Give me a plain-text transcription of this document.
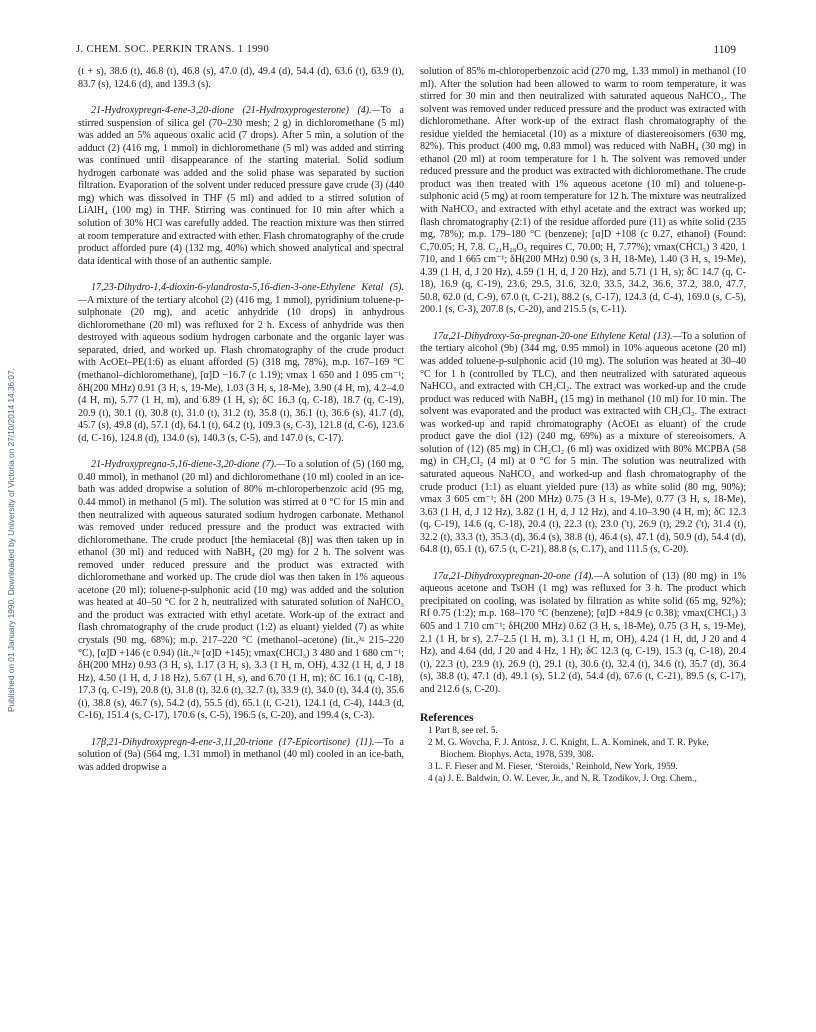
J. CHEM. SOC. PERKIN TRANS. 1 1990	1109
Published on 01 January 1990. Downloaded by University of Victoria on 27/10/2014 14:36:07.

(t + s), 38.6 (t), 46.8 (t), 46.8 (s), 47.0 (d), 49.4 (d), 54.4 (d), 63.6 (t), 63.9 (t), 83.7 (s), 124.6 (d), and 139.3 (s).

21-Hydroxypregn-4-ene-3,20-dione (21-Hydroxyprogesterone) (4).—To a stirred suspension of silica gel (70–230 mesh; 2 g) in dichloromethane (5 ml) was added an 5% aqueous oxalic acid (7 drops). After 5 min, a solution of the adduct (2) (416 mg, 1 mmol) in dichloromethane (5 ml) was added and stirring was continued until disappearance of the starting material. Solid sodium hydrogen carbonate was added and the solid phase was separated by suction filtration. Evaporation of the solvent under reduced pressure gave crude (3) (440 mg) which was dissolved in THF (5 ml) and added to a stirred solution of LiAlH₄ (100 mg) in THF. Stirring was continued for 10 min after which a solution of 30% HCl was carefully added. The reaction mixture was then stirred at room temperature and extracted with ether. Flash chromatography of the crude product afforded pure (4) (132 mg, 40%) which showed analytical and spectral data identical with those of an authentic sample.

17,23-Dihydro-1,4-dioxin-6-ylandrosta-5,16-dien-3-one-Ethylene Ketal (5).—A mixture of the tertiary alcohol (2) (416 mg, 1 mmol), pyridinium toluene-p-sulphonate (20 mg), and acetic anhydride (10 drops) in anhydrous dichloromethane (20 ml) was refluxed for 2 h. Excess of anhydride was then destroyed with aqueous sodium hydrogen carbonate and the organic layer was separated, dried, and worked up. Flash chromatography of the crude product with AcOEt–PE(1:6) as eluant afforded (5) (318 mg, 78%), m.p. 167–169 °C (methanol–dichloromethane), [α]D −16.7 (c 1.19); νmax 1 650 and 1 095 cm⁻¹; δH(200 MHz) 0.91 (3 H, s, 19-Me), 1.03 (3 H, s, 18-Me), 3.90 (4 H, m), 4.2–4.0 (4 H, m), 5.77 (1 H, m), and 6.89 (1 H, s); δC 16.3 (q, C-18), 18.7 (q, C-19), 20.9 (t), 30.1 (t), 30.8 (t), 31.0 (t), 31.2 (t), 35.8 (t), 36.1 (t), 36.6 (s), 41.7 (d), 45.7 (s), 49.8 (d), 57.1 (d), 64.1 (t), 64.2 (t), 109.3 (s, C-3), 121.8 (d, C-6), 123.6 (d, C-16), 124.8 (d), 134.0 (s), 140.3 (s, C-5), and 147.0 (s, C-17).

21-Hydroxypregna-5,16-diene-3,20-dione (7).—To a solution of (5) (160 mg, 0.40 mmol), in methanol (20 ml) and dichloromethane (10 ml) cooled in an ice-bath was added dropwise a solution of 80% m-chloroperbenzoic acid (95 mg, 0.44 mmol) in methanol (5 ml). The solution was stirred at 0 °C for 15 min and then neutralized with aqueous saturated sodium hydrogen carbonate. Methanol was removed under reduced pressure and the product was extracted with dichloromethane. The crude product [the hemiacetal (8)] was then taken up in ethanol (30 ml) and reduced with NaBH₄ (20 mg) for 2 h. The solvent was removed under reduced pressure and the product was extracted with dichloromethane and worked up. The crude diol was then taken in 1% aqueous acetone (20 ml); toluene-p-sulphonic acid (10 mg) was added and the solution was heated at 40–50 °C for 2 h, neutralized with saturated solution of NaHCO₃ and the product was extracted with ethyl acetate. Work-up of the extract and flash chromatography of the crude product (1:2) as eluant) yielded (7) as white crystals (90 mg, 68%); m.p. 217–220 °C (methanol–acetone) (lit.,³ᵍ 215–220 °C), [α]D +146 (c 0.94) (lit.,³ᵍ [α]D +145); νmax(CHCl₃) 3 480 and 1 680 cm⁻¹; δH(200 MHz) 0.93 (3 H, s), 1.17 (3 H, s), 3.3 (1 H, m, OH), 4.32 (1 H, d, J 18 Hz), 4.50 (1 H, d, J 18 Hz), 5.67 (1 H, s), and 6.70 (1 H, m); δC 16.1 (q, C-18), 17.3 (q, C-19), 20.8 (t), 31.8 (t), 32.6 (t), 32.7 (t), 33.9 (t), 34.0 (t), 34.4 (t), 35.6 (t), 38.8 (s), 46.7 (s), 54.2 (d), 55.5 (d), 65.1 (t, C-21), 124.1 (d, C-4), 144.3 (d, C-16), 151.4 (s, C-17), 170.6 (s, C-5), 196.5 (s, C-20), and 199.4 (s, C-3).

17β,21-Dihydroxypregn-4-ene-3,11,20-trione (17-Epicortisone) (11).—To a solution of (9a) (564 mg, 1.31 mmol) in methanol (40 ml) cooled in an ice-bath, was added dropwise a

solution of 85% m-chloroperbenzoic acid (270 mg, 1.33 mmol) in methanol (10 ml). After the solution had been allowed to warm to room temperature, it was stirred for 30 min and then neutralized with saturated aqueous NaHCO₃. The solvent was removed under reduced pressure and the product was extracted with dichloromethane. After work-up of the extract flash chromatography of the residue yielded the hemiacetal (10) as a mixture of diastereoisomers (630 mg, 82%). This product (400 mg, 0.83 mmol) was reduced with NaBH₄ (30 mg) in ethanol (20 ml) at room temperature for 1 h. The solvent was removed under reduced pressure and the product was extracted with dichloromethane. The crude product was then treated with 1% aqueous acetone (10 ml) and toluene-p-sulphonic acid (5 mg) at room temperature for 12 h. The mixture was neutralized with NaHCO₃ and extracted with ethyl acetate and the extract was worked up; flash chromatography (2:1) of the residue afforded pure (11) as white solid (235 mg, 78%); m.p. 179–180 °C (benzene); [α]D +108 (c 0.27, ethanol) (Found: C,70.05; H, 7.8. C₂₁H₂₈O₅ requires C, 70.00; H, 7.77%); νmax(CHCl₃) 3 420, 1 710, and 1 665 cm⁻¹; δH(200 MHz) 0.90 (s, 3 H, 18-Me), 1.40 (3 H, s, 19-Me), 4.39 (1 H, d, J 20 Hz), 4.59 (1 H, d, J 20 Hz), and 5.71 (1 H, s); δC 14.7 (q, C-18), 16.9 (q, C-19), 23.6, 29.5, 31.6, 32.0, 33.5, 34.2, 36.6, 37.2, 38.0, 47.7, 50.8, 62.0 (d, C-9), 67.0 (t, C-21), 88.2 (s, C-17), 124.3 (d, C-4), 169.0 (s, C-5), 200.1 (s, C-3), 207.8 (s, C-20), and 215.5 (s, C-11).

17α,21-Dihydroxy-5α-pregnan-20-one Ethylene Ketal (13).—To a solution of the tertiary alcohol (9b) (344 mg, 0.95 mmol) in 10% aqueous acetone (20 ml) was added toluene-p-sulphonic acid (10 mg). The solution was heated at 30–40 °C for 1 h (controlled by TLC), and then neutralized with saturated aqueous NaHCO₃ and extracted with CH₂Cl₂. The extract was worked-up and the crude product was reduced with NaBH₄ (15 mg) in methanol (10 ml) for 10 min. The solvent was evaporated and the product was extracted with CH₂Cl₂. The extract was worked-up and rapid chromatography (AcOEt as eluant) of the crude product gave the diol (12) (240 mg, 69%) as a mixture of stereoisomers. A solution of (12) (85 mg) in CH₂Cl₂ (6 ml) was oxidized with 80% MCPBA (58 mg) in CH₂Cl₂ (4 ml) at 0 °C for 5 min. The solution was neutralized with saturated aqueous NaHCO₃ and worked-up and flash chromatography of the crude product (1:1) as eluant yielded pure (13) as white solid (80 mg, 90%); νmax 3 605 cm⁻¹; δH (200 MHz) 0.75 (3 H s, 19-Me), 0.77 (3 H, s, 18-Me), 3.63 (1 H, d, J 12 Hz), 3.82 (1 H, d, J 12 Hz), and 4.10–3.90 (4 H, m); δC 12.3 (q, C-19), 14.6 (q, C-18), 20.4 (t), 22.3 (t), 23.0 ('t), 26.9 (t), 29.2 ('t), 31.4 (t), 32.2 (t), 33.3 (t), 35.3 (d), 36.4 (s), 38.8 (t), 46.4 (s), 47.1 (d), 50.9 (d), 54.4 (d), 64.8 (t), 65.1 (t), 67.5 (t, C-21), 88.8 (s, C.17), and 111.5 (s, C-20).

17α,21-Dihydroxypregnan-20-one (14).—A solution of (13) (80 mg) in 1% aqueous acetone and TsOH (1 mg) was refluxed for 3 h. The product which precipitated on cooling, was isolated by filtration as white solid (65 mg, 92%); Rf 0.75 (1:2); m.p. 168–170 °C (benzene); [α]D +84.9 (c 0.38); νmax(CHCl₃) 3 605 and 1 710 cm⁻¹; δH(200 MHz) 0.62 (3 H, s, 18-Me), 0.75 (3 H, s, 19-Me), 2.1 (1 H, br s), 2.7–2.5 (1 H, m), 3.1 (1 H, m, OH), 4.24 (1 H, dd, J 20 and 4 Hz), and 4.64 (dd, J 20 and 4 Hz, 1 H); δC 12.3 (q, C-19), 15.3 (q, C-18), 20.4 (t), 22.3 (t), 23.9 (t), 26.9 (t), 29.1 (t), 30.6 (t), 32.4 (t), 34.6 (t), 35.7 (d), 36.4 (s), 38.8 (t), 47.1 (d), 49.1 (s), 51.2 (d), 54.4 (d), 67.6 (t, C-21), 89.5 (s, C-17), and 212.6 (s, C-20).

References

1 Part 8, see ref. 5.

2 M. G. Wovcha, F. J. Antosz, J. C. Knight, L. A. Kominek, and T. R. Pyke, Biochem. Biophys. Acta, 1978, 539, 308.

3 L. F. Fieser and M. Fieser, ‘Steroids,’ Reinhold, New York, 1959.

4 (a) J. E. Baldwin, O. W. Lever, Jr., and N. R. Tzodikov, J. Org. Chem.,
